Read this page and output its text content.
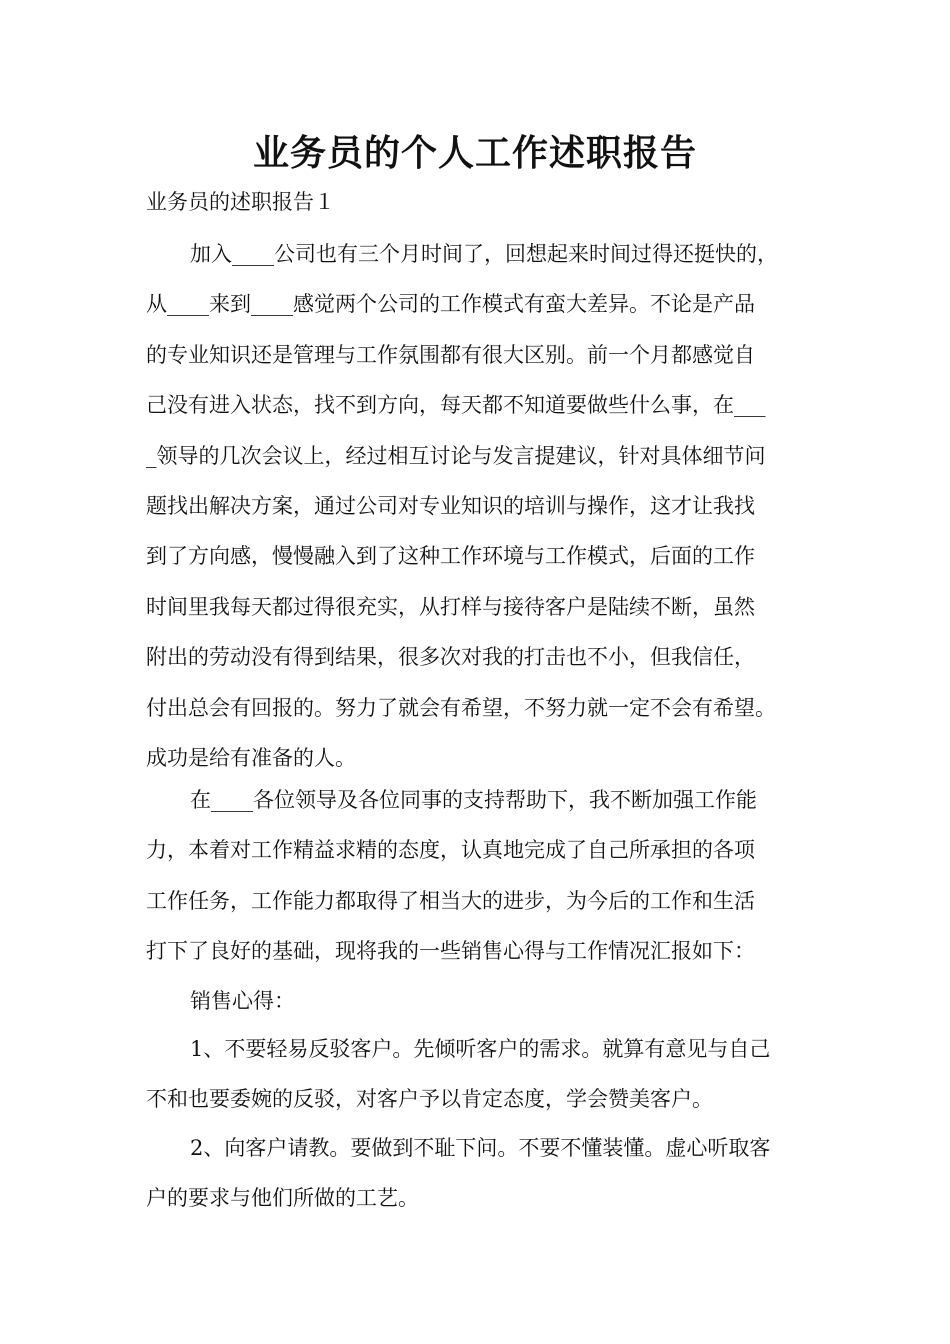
业务员的个人工作述职报告

业务员的述职报告１

加入____公司也有三个月时间了，回想起来时间过得还挺快的，
从____来到____感觉两个公司的工作模式有蛮大差异。不论是产品
的专业知识还是管理与工作氛围都有很大区别。前一个月都感觉自
己没有进入状态，找不到方向，每天都不知道要做些什么事，在___
_领导的几次会议上，经过相互讨论与发言提建议，针对具体细节问
题找出解决方案，通过公司对专业知识的培训与操作，这才让我找
到了方向感，慢慢融入到了这种工作环境与工作模式，后面的工作
时间里我每天都过得很充实，从打样与接待客户是陆续不断，虽然
附出的劳动没有得到结果，很多次对我的打击也不小，但我信任，
付出总会有回报的。努力了就会有希望，不努力就一定不会有希望。
成功是给有准备的人。
在____各位领导及各位同事的支持帮助下，我不断加强工作能
力，本着对工作精益求精的态度，认真地完成了自己所承担的各项
工作任务，工作能力都取得了相当大的进步，为今后的工作和生活
打下了良好的基础，现将我的一些销售心得与工作情况汇报如下：
销售心得：
1、不要轻易反驳客户。先倾听客户的需求。就算有意见与自己
不和也要委婉的反驳，对客户予以肯定态度，学会赞美客户。
2、向客户请教。要做到不耻下问。不要不懂装懂。虚心听取客
户的要求与他们所做的工艺。
